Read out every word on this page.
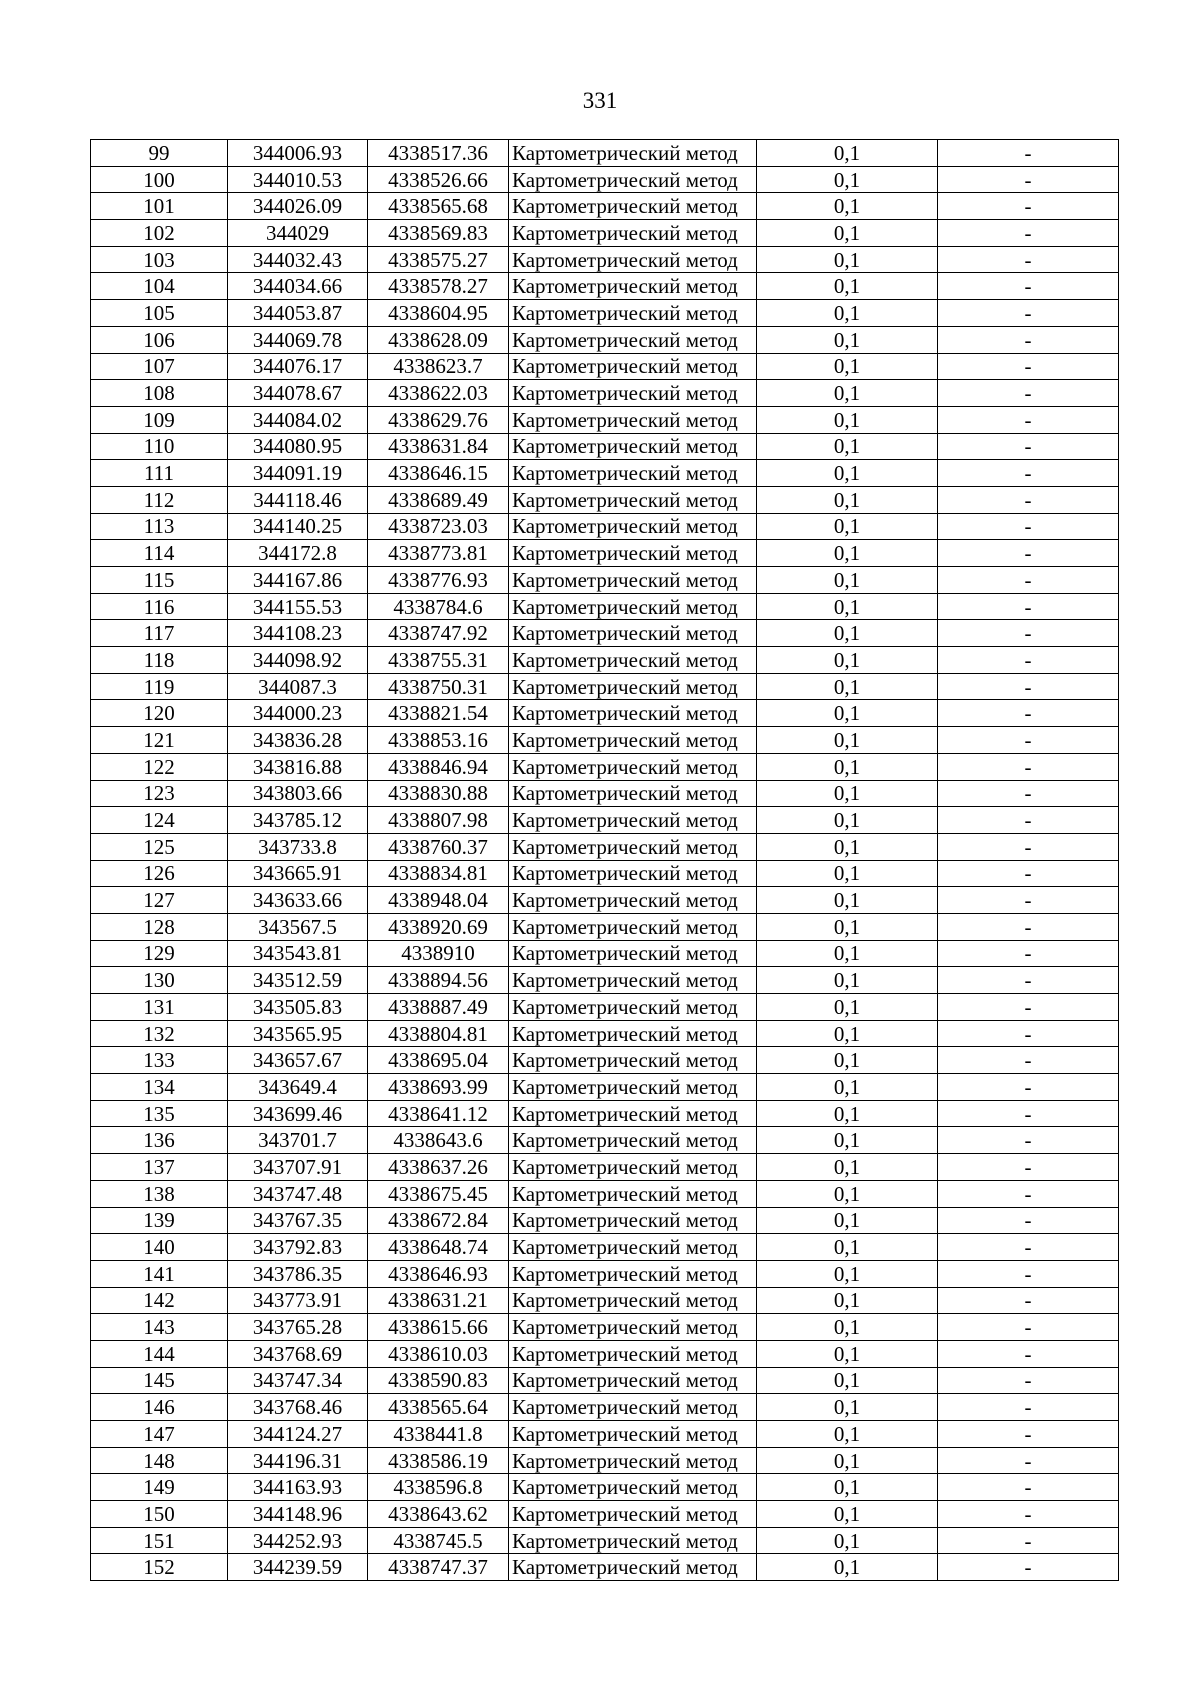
331
99	344006.93	4338517.36	Картометрический метод	0,1	-
100	344010.53	4338526.66	Картометрический метод	0,1	-
101	344026.09	4338565.68	Картометрический метод	0,1	-
102	344029	4338569.83	Картометрический метод	0,1	-
103	344032.43	4338575.27	Картометрический метод	0,1	-
104	344034.66	4338578.27	Картометрический метод	0,1	-
105	344053.87	4338604.95	Картометрический метод	0,1	-
106	344069.78	4338628.09	Картометрический метод	0,1	-
107	344076.17	4338623.7	Картометрический метод	0,1	-
108	344078.67	4338622.03	Картометрический метод	0,1	-
109	344084.02	4338629.76	Картометрический метод	0,1	-
110	344080.95	4338631.84	Картометрический метод	0,1	-
111	344091.19	4338646.15	Картометрический метод	0,1	-
112	344118.46	4338689.49	Картометрический метод	0,1	-
113	344140.25	4338723.03	Картометрический метод	0,1	-
114	344172.8	4338773.81	Картометрический метод	0,1	-
115	344167.86	4338776.93	Картометрический метод	0,1	-
116	344155.53	4338784.6	Картометрический метод	0,1	-
117	344108.23	4338747.92	Картометрический метод	0,1	-
118	344098.92	4338755.31	Картометрический метод	0,1	-
119	344087.3	4338750.31	Картометрический метод	0,1	-
120	344000.23	4338821.54	Картометрический метод	0,1	-
121	343836.28	4338853.16	Картометрический метод	0,1	-
122	343816.88	4338846.94	Картометрический метод	0,1	-
123	343803.66	4338830.88	Картометрический метод	0,1	-
124	343785.12	4338807.98	Картометрический метод	0,1	-
125	343733.8	4338760.37	Картометрический метод	0,1	-
126	343665.91	4338834.81	Картометрический метод	0,1	-
127	343633.66	4338948.04	Картометрический метод	0,1	-
128	343567.5	4338920.69	Картометрический метод	0,1	-
129	343543.81	4338910	Картометрический метод	0,1	-
130	343512.59	4338894.56	Картометрический метод	0,1	-
131	343505.83	4338887.49	Картометрический метод	0,1	-
132	343565.95	4338804.81	Картометрический метод	0,1	-
133	343657.67	4338695.04	Картометрический метод	0,1	-
134	343649.4	4338693.99	Картометрический метод	0,1	-
135	343699.46	4338641.12	Картометрический метод	0,1	-
136	343701.7	4338643.6	Картометрический метод	0,1	-
137	343707.91	4338637.26	Картометрический метод	0,1	-
138	343747.48	4338675.45	Картометрический метод	0,1	-
139	343767.35	4338672.84	Картометрический метод	0,1	-
140	343792.83	4338648.74	Картометрический метод	0,1	-
141	343786.35	4338646.93	Картометрический метод	0,1	-
142	343773.91	4338631.21	Картометрический метод	0,1	-
143	343765.28	4338615.66	Картометрический метод	0,1	-
144	343768.69	4338610.03	Картометрический метод	0,1	-
145	343747.34	4338590.83	Картометрический метод	0,1	-
146	343768.46	4338565.64	Картометрический метод	0,1	-
147	344124.27	4338441.8	Картометрический метод	0,1	-
148	344196.31	4338586.19	Картометрический метод	0,1	-
149	344163.93	4338596.8	Картометрический метод	0,1	-
150	344148.96	4338643.62	Картометрический метод	0,1	-
151	344252.93	4338745.5	Картометрический метод	0,1	-
152	344239.59	4338747.37	Картометрический метод	0,1	-
